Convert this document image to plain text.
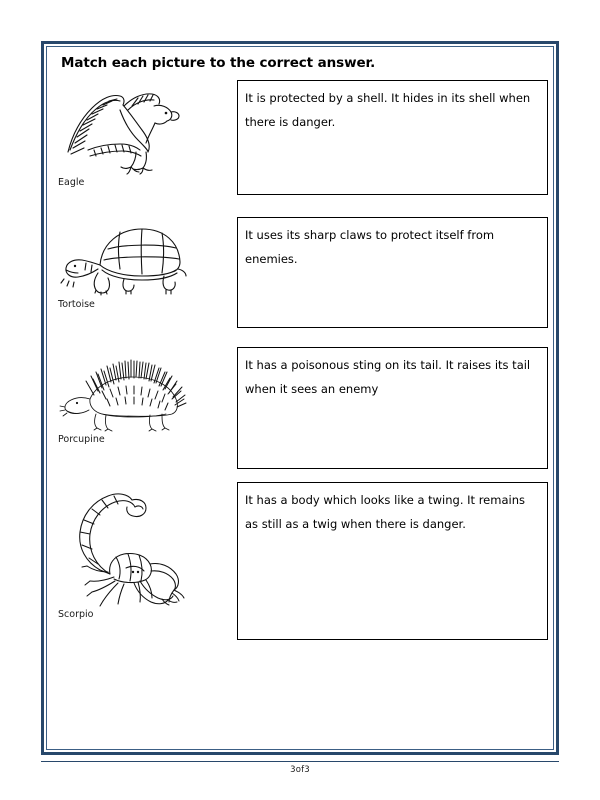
Match each picture to the correct answer.
Eagle

It is protected by a shell. It hides in its shell when there is danger.

Tortoise

It uses its sharp claws to protect itself from enemies.

Porcupine

It has a poisonous sting on its tail. It raises its tail when it sees an enemy

Scorpio

It has a body which looks like a twing. It remains as still as a twig when there is danger.

3of3
